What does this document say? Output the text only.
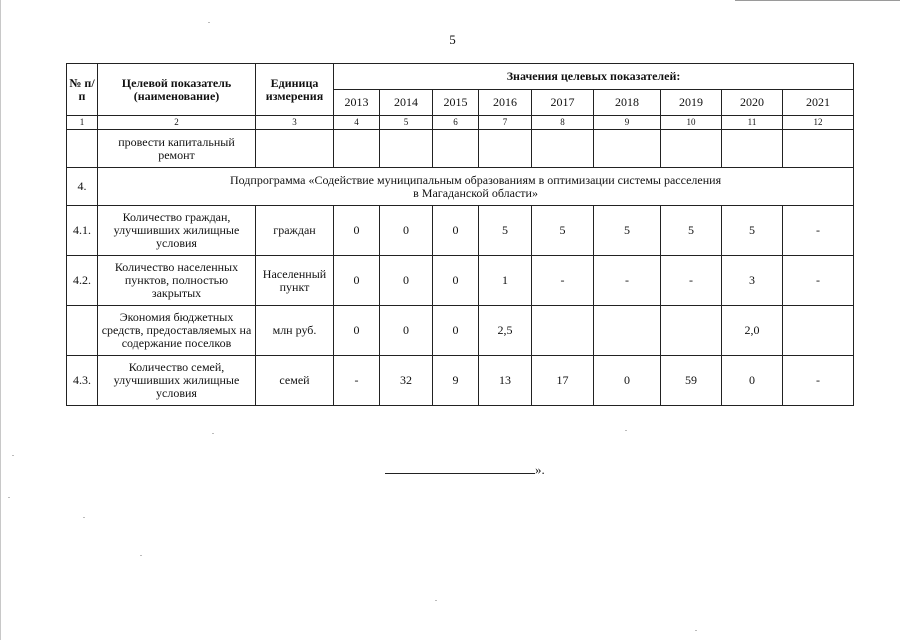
5
№ п/п	Целевой показатель (наименование)	Единица измерения	Значения целевых показателей:								
			2013	2014	2015	2016	2017	2018	2019	2020	2021
1	2	3	4	5	6	7	8	9	10	11	12
	провести капитальный ремонт										
4.	Подпрограмма «Содействие муниципальным образованиям в оптимизации системы расселения
в Магаданской области»										

4.1.	Количество граждан, улучшивших жилищные условия	граждан	0	0	0	5	5	5	5	5	-
4.2.	Количество населенных пунктов, полностью закрытых	Населенный пункт	0	0	0	1	-	-	-	3	-
	Экономия бюджетных средств, предоставляемых на содержание поселков	млн руб.	0	0	0	2,5				2,0	
4.3.	Количество семей, улучшивших жилищные условия	семей	-	32	9	13	17	0	59	0	-
».
